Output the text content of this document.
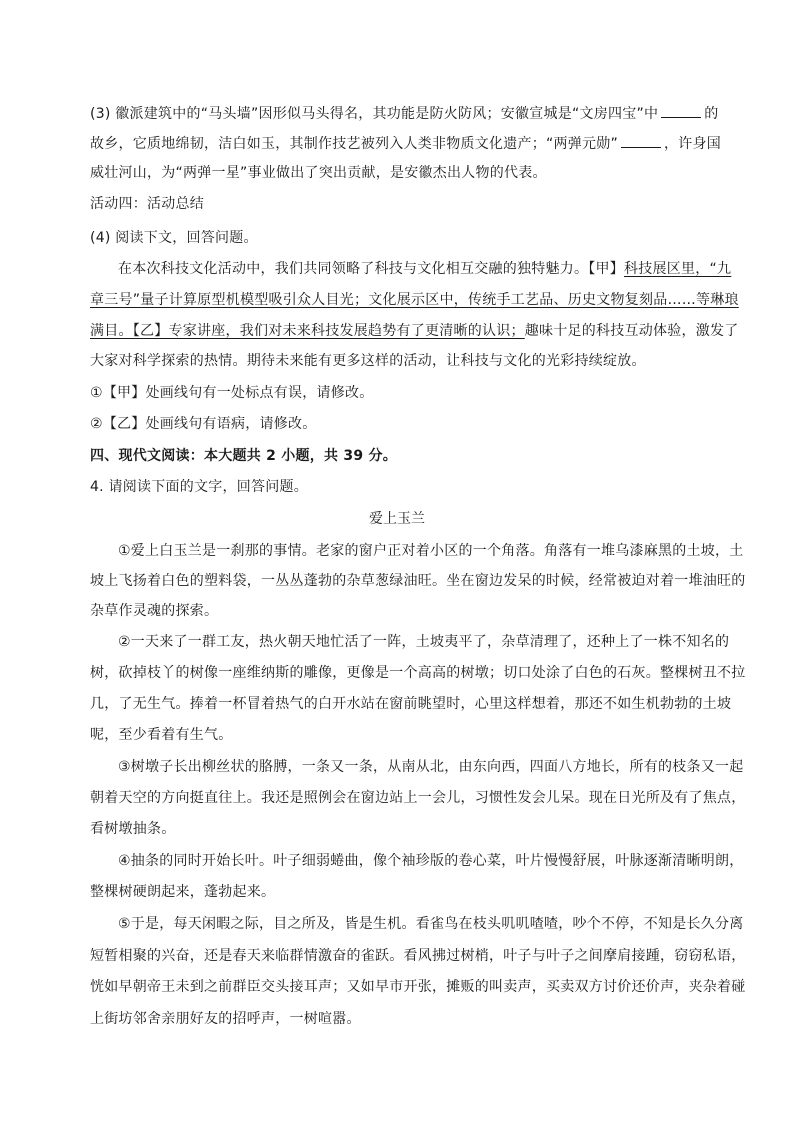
(3) 徽派建筑中的“马头墙”因形似马头得名，其功能是防火防风；安徽宣城是“文房四宝”中	的
故乡，它质地绵韧，洁白如玉，其制作技艺被列入人类非物质文化遗产；“两弹元勋”	，许身国
威壮河山，为“两弹一星”事业做出了突出贡献，是安徽杰出人物的代表。
活动四：活动总结
(4) 阅读下文，回答问题。
在本次科技文化活动中，我们共同领略了科技与文化相互交融的独特魅力。【甲】科技展区里，“九
章三号”量子计算原型机模型吸引众人目光；文化展示区中，传统手工艺品、历史文物复刻品……等琳琅
满目。【乙】专家讲座，我们对未来科技发展趋势有了更清晰的认识；趣味十足的科技互动体验，激发了
大家对科学探索的热情。期待未来能有更多这样的活动，让科技与文化的光彩持续绽放。
①【甲】处画线句有一处标点有误，请修改。
②【乙】处画线句有语病，请修改。
四、现代文阅读：本大题共 2 小题，共 39 分。
4. 请阅读下面的文字，回答问题。
爱上玉兰
①爱上白玉兰是一刹那的事情。老家的窗户正对着小区的一个角落。角落有一堆乌漆麻黑的土坡，土
坡上飞扬着白色的塑料袋，一丛丛蓬勃的杂草葱绿油旺。坐在窗边发呆的时候，经常被迫对着一堆油旺的
杂草作灵魂的探索。
②一天来了一群工友，热火朝天地忙活了一阵，土坡夷平了，杂草清理了，还种上了一株不知名的
树，砍掉枝丫的树像一座维纳斯的雕像，更像是一个高高的树墩；切口处涂了白色的石灰。整棵树丑不拉
几，了无生气。捧着一杯冒着热气的白开水站在窗前眺望时，心里这样想着，那还不如生机勃勃的土坡
呢，至少看着有生气。
③树墩子长出柳丝状的胳膊，一条又一条，从南从北，由东向西，四面八方地长，所有的枝条又一起
朝着天空的方向挺直往上。我还是照例会在窗边站上一会儿，习惯性发会儿呆。现在日光所及有了焦点，
看树墩抽条。
④抽条的同时开始长叶。叶子细弱蜷曲，像个袖珍版的卷心菜，叶片慢慢舒展，叶脉逐渐清晰明朗，
整棵树硬朗起来，蓬勃起来。
⑤于是，每天闲暇之际，目之所及，皆是生机。看雀鸟在枝头叽叽喳喳，吵个不停，不知是长久分离
短暂相聚的兴奋，还是春天来临群情激奋的雀跃。看风拂过树梢，叶子与叶子之间摩肩接踵，窃窃私语，
恍如早朝帝王未到之前群臣交头接耳声；又如早市开张，摊贩的叫卖声，买卖双方讨价还价声，夹杂着碰
上街坊邻舍亲朋好友的招呼声，一树喧嚣。
